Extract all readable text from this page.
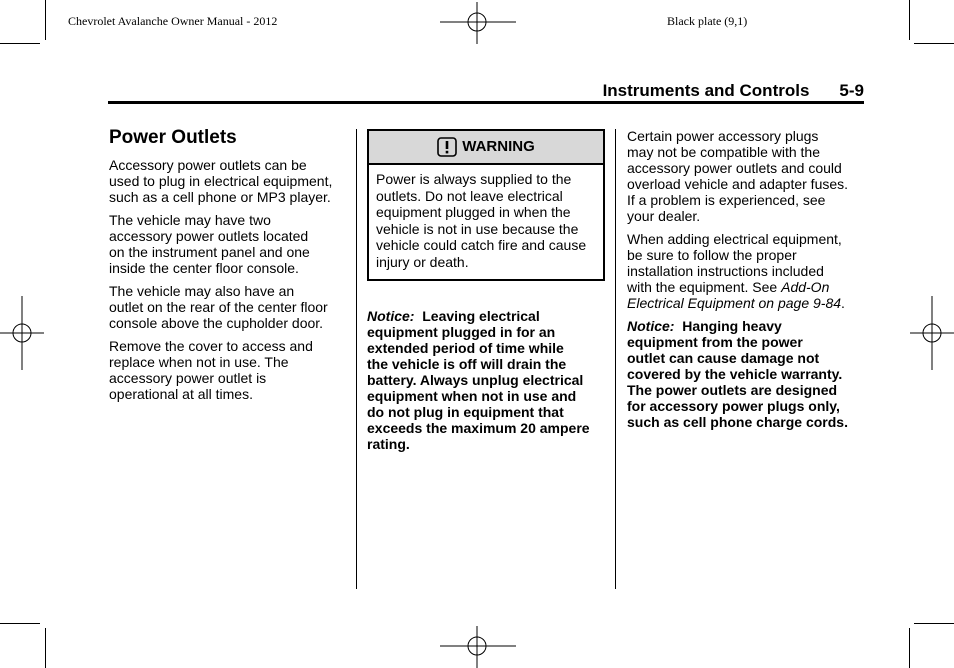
Chevrolet Avalanche Owner Manual - 2012	Black plate (9,1)
Instruments and Controls 5-9
Power Outlets

Accessory power outlets can be
used to plug in electrical equipment,
such as a cell phone or MP3 player.

The vehicle may have two
accessory power outlets located
on the instrument panel and one
inside the center floor console.

The vehicle may also have an
outlet on the rear of the center floor
console above the cupholder door.

Remove the cover to access and
replace when not in use. The
accessory power outlet is
operational at all times.

WARNING
Power is always supplied to the
outlets. Do not leave electrical
equipment plugged in when the
vehicle is not in use because the
vehicle could catch fire and cause
injury or death.
Notice: Leaving electrical
equipment plugged in for an
extended period of time while
the vehicle is off will drain the
battery. Always unplug electrical
equipment when not in use and
do not plug in equipment that
exceeds the maximum 20 ampere
rating.

Certain power accessory plugs
may not be compatible with the
accessory power outlets and could
overload vehicle and adapter fuses.
If a problem is experienced, see
your dealer.

When adding electrical equipment,
be sure to follow the proper
installation instructions included
with the equipment. See Add-On
Electrical Equipment on page 9-84.

Notice: Hanging heavy
equipment from the power
outlet can cause damage not
covered by the vehicle warranty.
The power outlets are designed
for accessory power plugs only,
such as cell phone charge cords.
